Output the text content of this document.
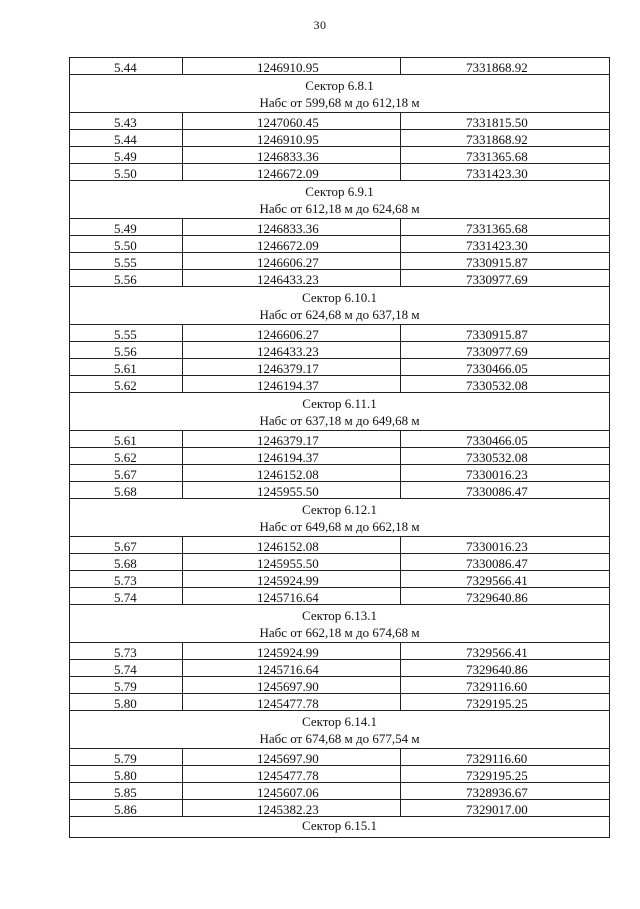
30
5.44	1246910.95	7331868.92

Сектор 6.8.1
Набс от 599,68 м до 612,18 м		

5.43	1247060.45	7331815.50
5.44	1246910.95	7331868.92
5.49	1246833.36	7331365.68
5.50	1246672.09	7331423.30

Сектор 6.9.1
Набс от 612,18 м до 624,68 м		

5.49	1246833.36	7331365.68
5.50	1246672.09	7331423.30
5.55	1246606.27	7330915.87
5.56	1246433.23	7330977.69

Сектор 6.10.1
Набс от 624,68 м до 637,18 м		

5.55	1246606.27	7330915.87
5.56	1246433.23	7330977.69
5.61	1246379.17	7330466.05
5.62	1246194.37	7330532.08

Сектор 6.11.1
Набс от 637,18 м до 649,68 м		

5.61	1246379.17	7330466.05
5.62	1246194.37	7330532.08
5.67	1246152.08	7330016.23
5.68	1245955.50	7330086.47

Сектор 6.12.1
Набс от 649,68 м до 662,18 м		

5.67	1246152.08	7330016.23
5.68	1245955.50	7330086.47
5.73	1245924.99	7329566.41
5.74	1245716.64	7329640.86

Сектор 6.13.1
Набс от 662,18 м до 674,68 м		

5.73	1245924.99	7329566.41
5.74	1245716.64	7329640.86
5.79	1245697.90	7329116.60
5.80	1245477.78	7329195.25

Сектор 6.14.1
Набс от 674,68 м до 677,54 м		

5.79	1245697.90	7329116.60
5.80	1245477.78	7329195.25
5.85	1245607.06	7328936.67
5.86	1245382.23	7329017.00
Сектор 6.15.1		
